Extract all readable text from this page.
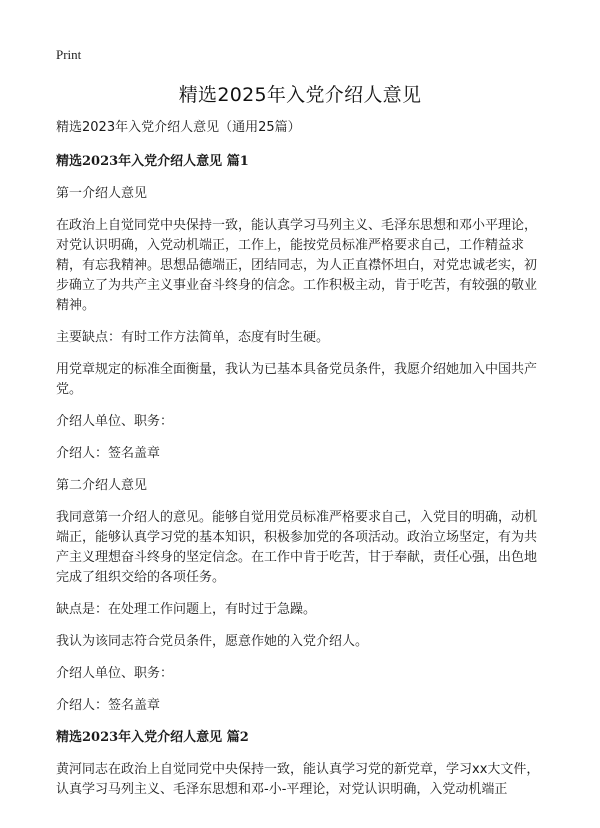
Print
精选2025年入党介绍人意见

精选2023年入党介绍人意见（通用25篇）

精选2023年入党介绍人意见 篇1

第一介绍人意见

在政治上自觉同党中央保持一致，能认真学习马列主义、毛泽东思想和邓小平理论，对党认识明确，入党动机端正，工作上，能按党员标准严格要求自己，工作精益求精，有忘我精神。思想品德端正，团结同志，为人正直襟怀坦白，对党忠诚老实，初步确立了为共产主义事业奋斗终身的信念。工作积极主动，肯于吃苦，有较强的敬业精神。

主要缺点：有时工作方法简单，态度有时生硬。

用党章规定的标准全面衡量，我认为已基本具备党员条件，我愿介绍她加入中国共产党。

介绍人单位、职务：

介绍人：签名盖章

第二介绍人意见

我同意第一介绍人的意见。能够自觉用党员标准严格要求自己，入党目的明确，动机端正，能够认真学习党的基本知识，积极参加党的各项活动。政治立场坚定，有为共产主义理想奋斗终身的坚定信念。在工作中肯于吃苦，甘于奉献，责任心强，出色地完成了组织交给的各项任务。

缺点是：在处理工作问题上，有时过于急躁。

我认为该同志符合党员条件，愿意作她的入党介绍人。

介绍人单位、职务：

介绍人：签名盖章

精选2023年入党介绍人意见 篇2

黄河同志在政治上自觉同党中央保持一致，能认真学习党的新党章，学习xx大文件，认真学习马列主义、毛泽东思想和邓-小-平理论，对党认识明确，入党动机端正
